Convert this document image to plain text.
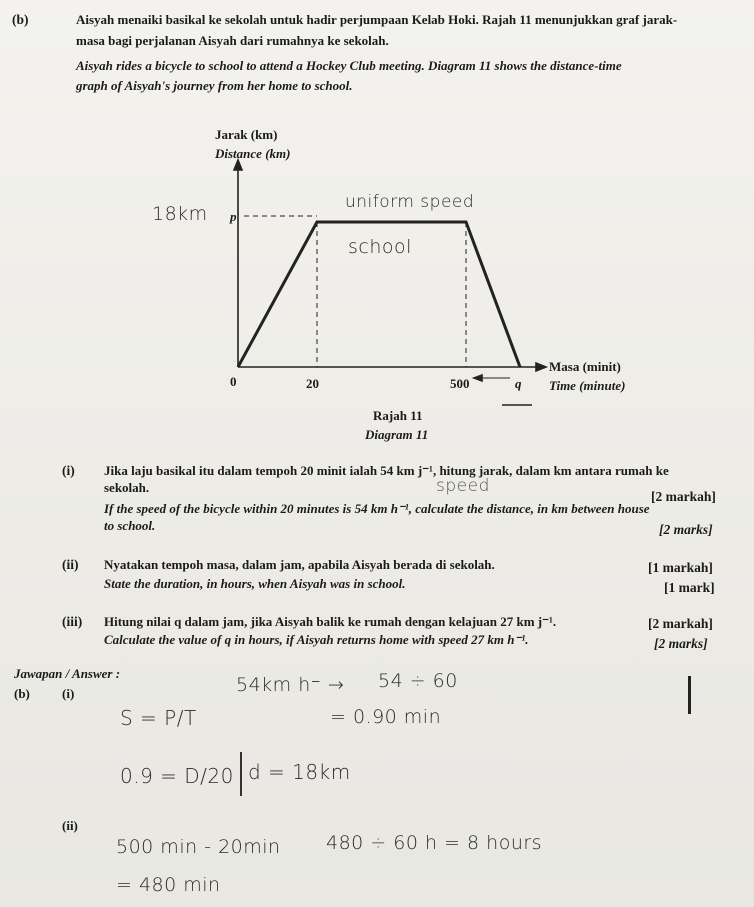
(b)	Aisyah menaiki basikal ke sekolah untuk hadir perjumpaan Kelab Hoki. Rajah 11 menunjukkan graf jarak-
masa bagi perjalanan Aisyah dari rumahnya ke sekolah.
Aisyah rides a bicycle to school to attend a Hockey Club meeting. Diagram 11 shows the distance-time
graph of Aisyah's journey from her home to school.
Jarak (km)
Distance (km)
p
0	20	500	q
Masa (minit)
Time (minute)
Rajah 11
Diagram 11
18km
uniform speed
school
(i) Jika laju basikal itu dalam tempoh 20 minit ialah 54 km j⁻¹, hitung jarak, dalam km antara rumah ke
sekolah.	speed
[2 markah]
If the speed of the bicycle within 20 minutes is 54 km h⁻¹, calculate the distance, in km between house
to school.	[2 marks]
(ii) Nyatakan tempoh masa, dalam jam, apabila Aisyah berada di sekolah.	[1 markah]
State the duration, in hours, when Aisyah was in school.	[1 mark]
(iii) Hitung nilai q dalam jam, jika Aisyah balik ke rumah dengan kelajuan 27 km j⁻¹.	[2 markah]
Calculate the value of q in hours, if Aisyah returns home with speed 27 km h⁻¹.	[2 marks]
Jawapan / Answer :
(b) (i)
(ii)
54km h⁻ → 54 ÷ 60
= 0.90 min
S = P/T
0.9 = D/20 d = 18km
500 min - 20min 480 ÷ 60 h = 8 hours
= 480 min
